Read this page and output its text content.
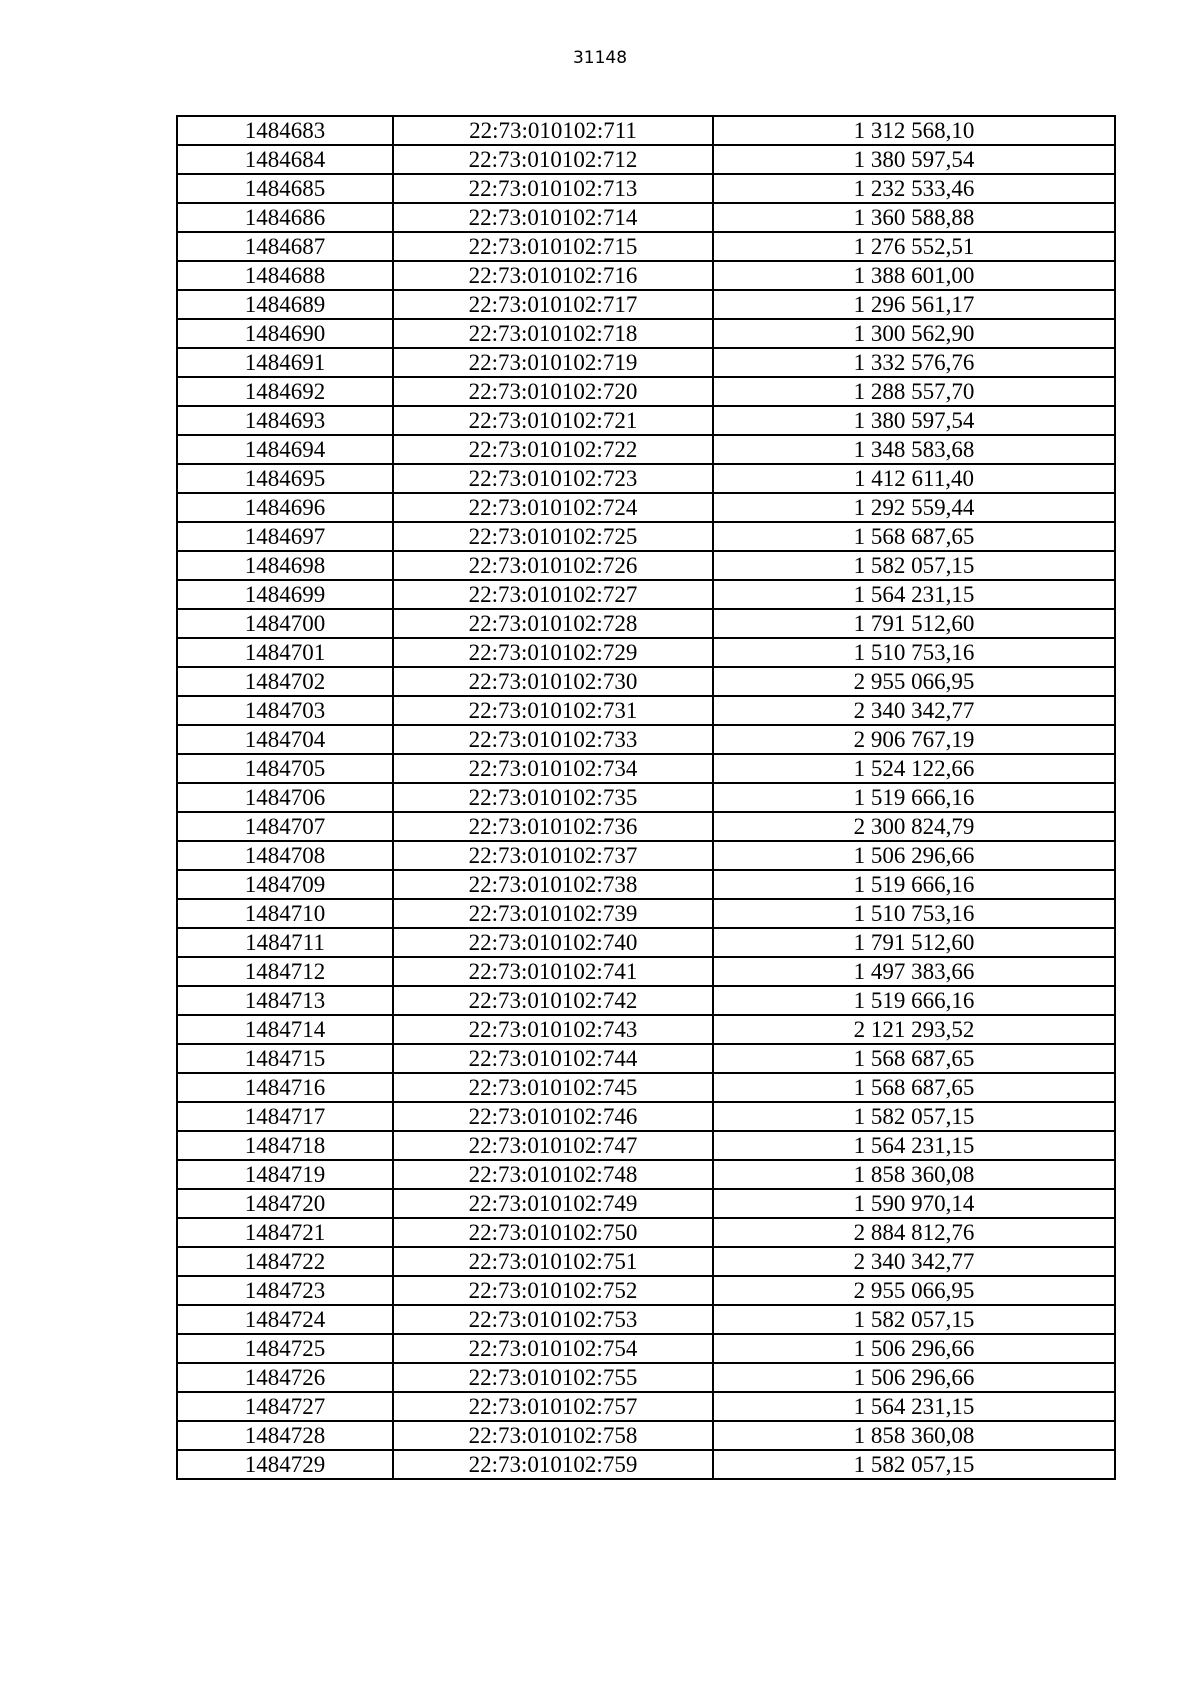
31148
1484683	22:73:010102:711	1 312 568,10
1484684	22:73:010102:712	1 380 597,54
1484685	22:73:010102:713	1 232 533,46
1484686	22:73:010102:714	1 360 588,88
1484687	22:73:010102:715	1 276 552,51
1484688	22:73:010102:716	1 388 601,00
1484689	22:73:010102:717	1 296 561,17
1484690	22:73:010102:718	1 300 562,90
1484691	22:73:010102:719	1 332 576,76
1484692	22:73:010102:720	1 288 557,70
1484693	22:73:010102:721	1 380 597,54
1484694	22:73:010102:722	1 348 583,68
1484695	22:73:010102:723	1 412 611,40
1484696	22:73:010102:724	1 292 559,44
1484697	22:73:010102:725	1 568 687,65
1484698	22:73:010102:726	1 582 057,15
1484699	22:73:010102:727	1 564 231,15
1484700	22:73:010102:728	1 791 512,60
1484701	22:73:010102:729	1 510 753,16
1484702	22:73:010102:730	2 955 066,95
1484703	22:73:010102:731	2 340 342,77
1484704	22:73:010102:733	2 906 767,19
1484705	22:73:010102:734	1 524 122,66
1484706	22:73:010102:735	1 519 666,16
1484707	22:73:010102:736	2 300 824,79
1484708	22:73:010102:737	1 506 296,66
1484709	22:73:010102:738	1 519 666,16
1484710	22:73:010102:739	1 510 753,16
1484711	22:73:010102:740	1 791 512,60
1484712	22:73:010102:741	1 497 383,66
1484713	22:73:010102:742	1 519 666,16
1484714	22:73:010102:743	2 121 293,52
1484715	22:73:010102:744	1 568 687,65
1484716	22:73:010102:745	1 568 687,65
1484717	22:73:010102:746	1 582 057,15
1484718	22:73:010102:747	1 564 231,15
1484719	22:73:010102:748	1 858 360,08
1484720	22:73:010102:749	1 590 970,14
1484721	22:73:010102:750	2 884 812,76
1484722	22:73:010102:751	2 340 342,77
1484723	22:73:010102:752	2 955 066,95
1484724	22:73:010102:753	1 582 057,15
1484725	22:73:010102:754	1 506 296,66
1484726	22:73:010102:755	1 506 296,66
1484727	22:73:010102:757	1 564 231,15
1484728	22:73:010102:758	1 858 360,08
1484729	22:73:010102:759	1 582 057,15
